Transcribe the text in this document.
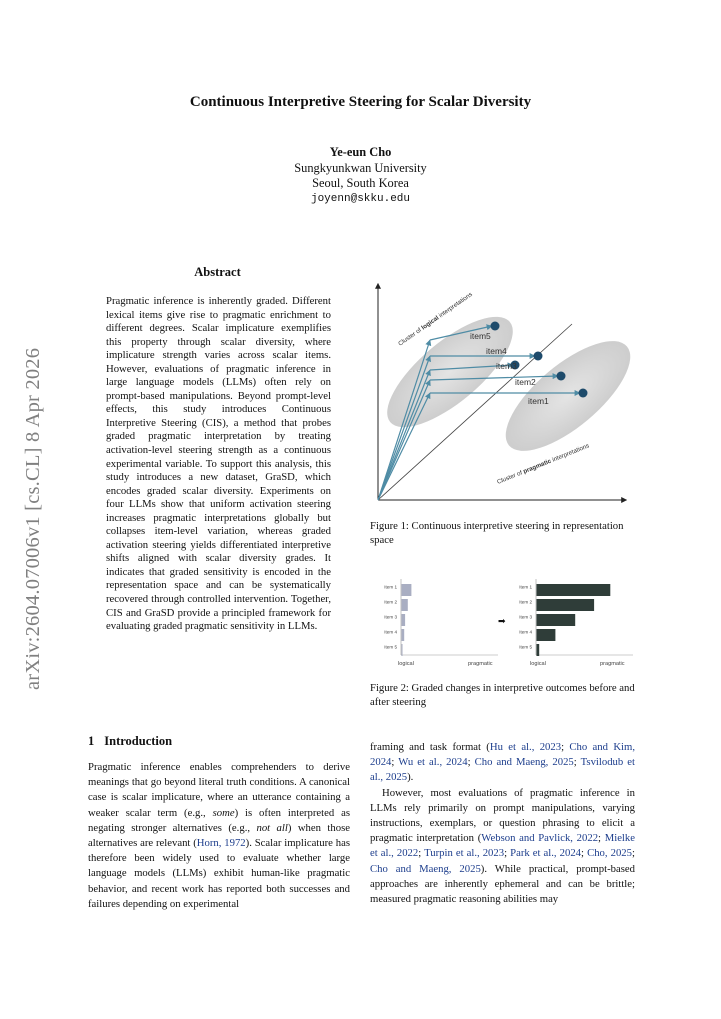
Continuous Interpretive Steering for Scalar Diversity
Ye-eun Cho
Sungkyunkwan University
Seoul, South Korea
joyenn@skku.edu
arXiv:2604.07006v1 [cs.CL] 8 Apr 2026
Abstract
Pragmatic inference is inherently graded. Different lexical items give rise to pragmatic enrichment to different degrees. Scalar implicature exemplifies this property through scalar diversity, where implicature strength varies across scalar items. However, evaluations of pragmatic inference in large language models (LLMs) often rely on prompt-based manipulations. Beyond prompt-level effects, this study introduces Continuous Interpretive Steering (CIS), a method that probes graded pragmatic interpretation by treating activation-level steering strength as a continuous experimental variable. To support this analysis, this study introduces a new dataset, GraSD, which encodes graded scalar diversity. Experiments on four LLMs show that uniform activation steering increases pragmatic interpretations globally but collapses item-level variation, whereas graded activation steering yields differentiated interpretive shifts aligned with scalar diversity grades. It indicates that graded sensitivity is encoded in the representation space and can be systematically recovered through controlled intervention. Together, CIS and GraSD provide a principled framework for evaluating graded pragmatic sensitivity in LLMs.
Cluster of logical interpretations
Cluster of pragmatic interpretations
item5
item4
item3
item2
item1
Figure 1: Continuous interpretive steering in representation space
logical	pragmatic
Item 1
Item 2
Item 3
Item 4
Item 5
➡
logical	pragmatic
Item 1
Item 2
Item 3
Item 4
Item 5
Figure 2: Graded changes in interpretive outcomes before and after steering
1 Introduction
Pragmatic inference enables comprehenders to derive meanings that go beyond literal truth conditions. A canonical case is scalar implicature, where an utterance containing a weaker scalar term (e.g., some) is often interpreted as negating stronger alternatives (e.g., not all) when those alternatives are relevant (Horn, 1972). Scalar implicature has therefore been widely used to evaluate whether large language models (LLMs) exhibit human-like pragmatic behavior, and recent work has reported both successes and failures depending on experimental
framing and task format (Hu et al., 2023; Cho and Kim, 2024; Wu et al., 2024; Cho and Maeng, 2025; Tsvilodub et al., 2025).
However, most evaluations of pragmatic inference in LLMs rely primarily on prompt manipulations, varying instructions, exemplars, or question phrasing to elicit a pragmatic interpretation (Webson and Pavlick, 2022; Mielke et al., 2022; Turpin et al., 2023; Park et al., 2024; Cho, 2025; Cho and Maeng, 2025). While practical, prompt-based approaches are inherently ephemeral and can be brittle; measured pragmatic reasoning abilities may
